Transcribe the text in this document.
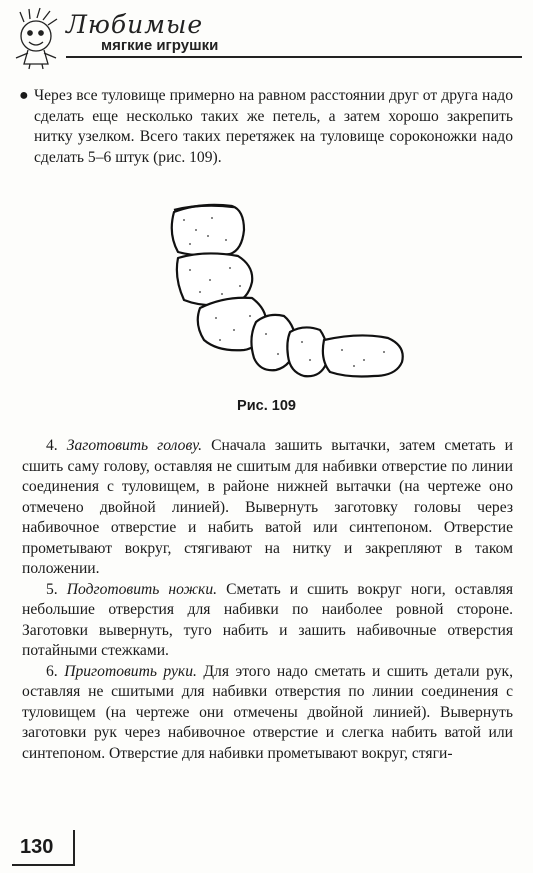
Любимые
мягкие игрушки
● Через все туловище примерно на равном расстоянии друг от друга надо сделать еще несколько таких же петель, а затем хорошо закрепить нитку узелком. Всего таких перетяжек на туловище сороконожки надо сделать 5–6 штук (рис. 109).
Рис. 109

4. Заготовить голову. Сначала зашить вытачки, затем сметать и сшить саму голову, оставляя не сшитым для набивки отверстие по линии соединения с туловищем, в районе нижней вытачки (на чертеже оно отмечено двойной линией). Вывернуть заготовку головы через набивочное отверстие и набить ватой или синтепоном. Отверстие прометывают вокруг, стягивают на нитку и закрепляют в таком положении.

5. Подготовить ножки. Сметать и сшить вокруг ноги, оставляя небольшие отверстия для набивки по наиболее ровной стороне. Заготовки вывернуть, туго набить и зашить набивочные отверстия потайными стежками.

6. Приготовить руки. Для этого надо сметать и сшить детали рук, оставляя не сшитыми для набивки отверстия по линии соединения с туловищем (на чертеже они отмечены двойной линией). Вывернуть заготовки рук через набивочное отверстие и слегка набить ватой или синтепоном. Отверстие для набивки прометывают вокруг, стяги-

130
